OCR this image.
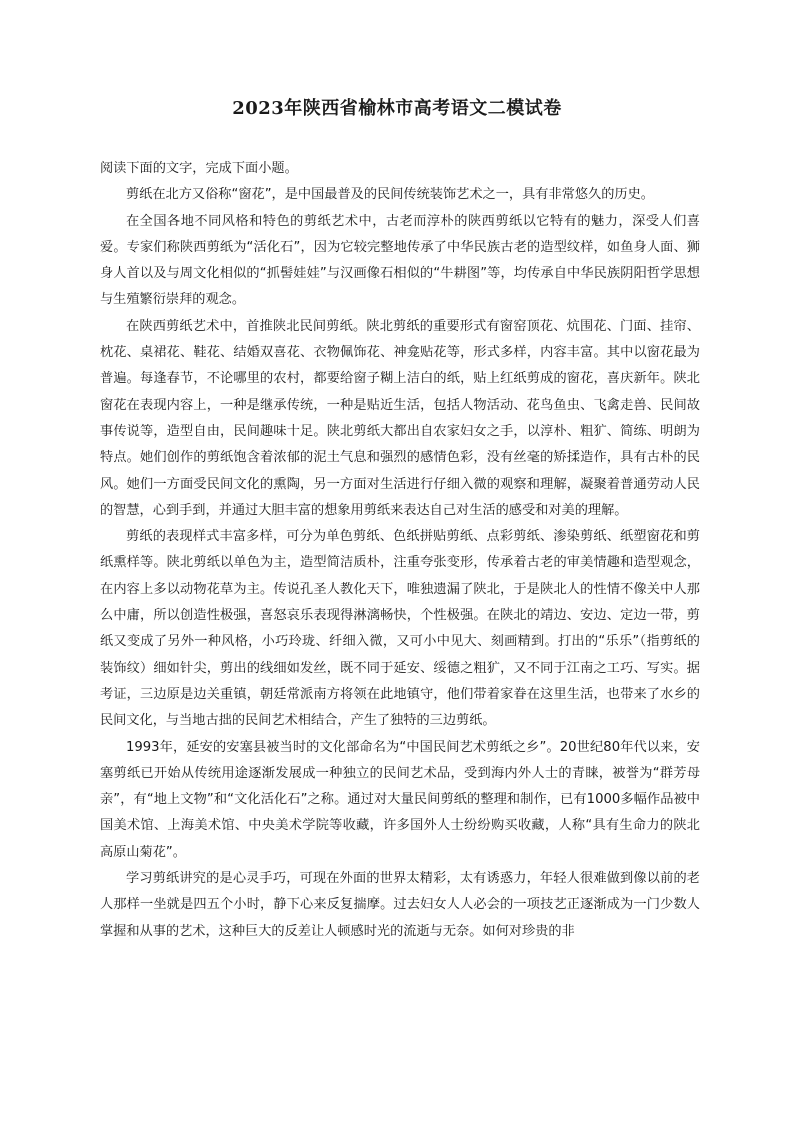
2023年陕西省榆林市高考语文二模试卷

阅读下面的文字，完成下面小题。

剪纸在北方又俗称“窗花”，是中国最普及的民间传统装饰艺术之一，具有非常悠久的历史。

在全国各地不同风格和特色的剪纸艺术中，古老而淳朴的陕西剪纸以它特有的魅力，深受人们喜爱。专家们称陕西剪纸为“活化石”，因为它较完整地传承了中华民族古老的造型纹样，如鱼身人面、狮身人首以及与周文化相似的“抓髻娃娃”与汉画像石相似的“牛耕图”等，均传承自中华民族阴阳哲学思想与生殖繁衍崇拜的观念。

在陕西剪纸艺术中，首推陕北民间剪纸。陕北剪纸的重要形式有窗窑顶花、炕围花、门面、挂帘、枕花、桌裙花、鞋花、结婚双喜花、衣物佩饰花、神龛贴花等，形式多样，内容丰富。其中以窗花最为普遍。每逢春节，不论哪里的农村，都要给窗子糊上洁白的纸，贴上红纸剪成的窗花，喜庆新年。陕北窗花在表现内容上，一种是继承传统，一种是贴近生活，包括人物活动、花鸟鱼虫、飞禽走兽、民间故事传说等，造型自由，民间趣味十足。陕北剪纸大都出自农家妇女之手，以淳朴、粗犷、简练、明朗为特点。她们创作的剪纸饱含着浓郁的泥土气息和强烈的感情色彩，没有丝毫的矫揉造作，具有古朴的民风。她们一方面受民间文化的熏陶，另一方面对生活进行仔细入微的观察和理解，凝聚着普通劳动人民的智慧，心到手到，并通过大胆丰富的想象用剪纸来表达自己对生活的感受和对美的理解。

剪纸的表现样式丰富多样，可分为单色剪纸、色纸拼贴剪纸、点彩剪纸、渗染剪纸、纸塑窗花和剪纸熏样等。陕北剪纸以单色为主，造型简洁质朴，注重夸张变形，传承着古老的审美情趣和造型观念，在内容上多以动物花草为主。传说孔圣人教化天下，唯独遗漏了陕北，于是陕北人的性情不像关中人那么中庸，所以创造性极强，喜怒哀乐表现得淋漓畅快，个性极强。在陕北的靖边、安边、定边一带，剪纸又变成了另外一种风格，小巧玲珑、纤细入微，又可小中见大、刻画精到。打出的“乐乐”（指剪纸的装饰纹）细如针尖，剪出的线细如发丝，既不同于延安、绥德之粗犷，又不同于江南之工巧、写实。据考证，三边原是边关重镇，朝廷常派南方将领在此地镇守，他们带着家眷在这里生活，也带来了水乡的民间文化，与当地古拙的民间艺术相结合，产生了独特的三边剪纸。

1993年，延安的安塞县被当时的文化部命名为“中国民间艺术剪纸之乡”。20世纪80年代以来，安塞剪纸已开始从传统用途逐渐发展成一种独立的民间艺术品，受到海内外人士的青睐，被誉为“群芳母亲”，有“地上文物”和“文化活化石”之称。通过对大量民间剪纸的整理和制作，已有1000多幅作品被中国美术馆、上海美术馆、中央美术学院等收藏，许多国外人士纷纷购买收藏，人称“具有生命力的陕北高原山菊花”。

学习剪纸讲究的是心灵手巧，可现在外面的世界太精彩，太有诱惑力，年轻人很难做到像以前的老人那样一坐就是四五个小时，静下心来反复揣摩。过去妇女人人必会的一项技艺正逐渐成为一门少数人掌握和从事的艺术，这种巨大的反差让人顿感时光的流逝与无奈。如何对珍贵的非
